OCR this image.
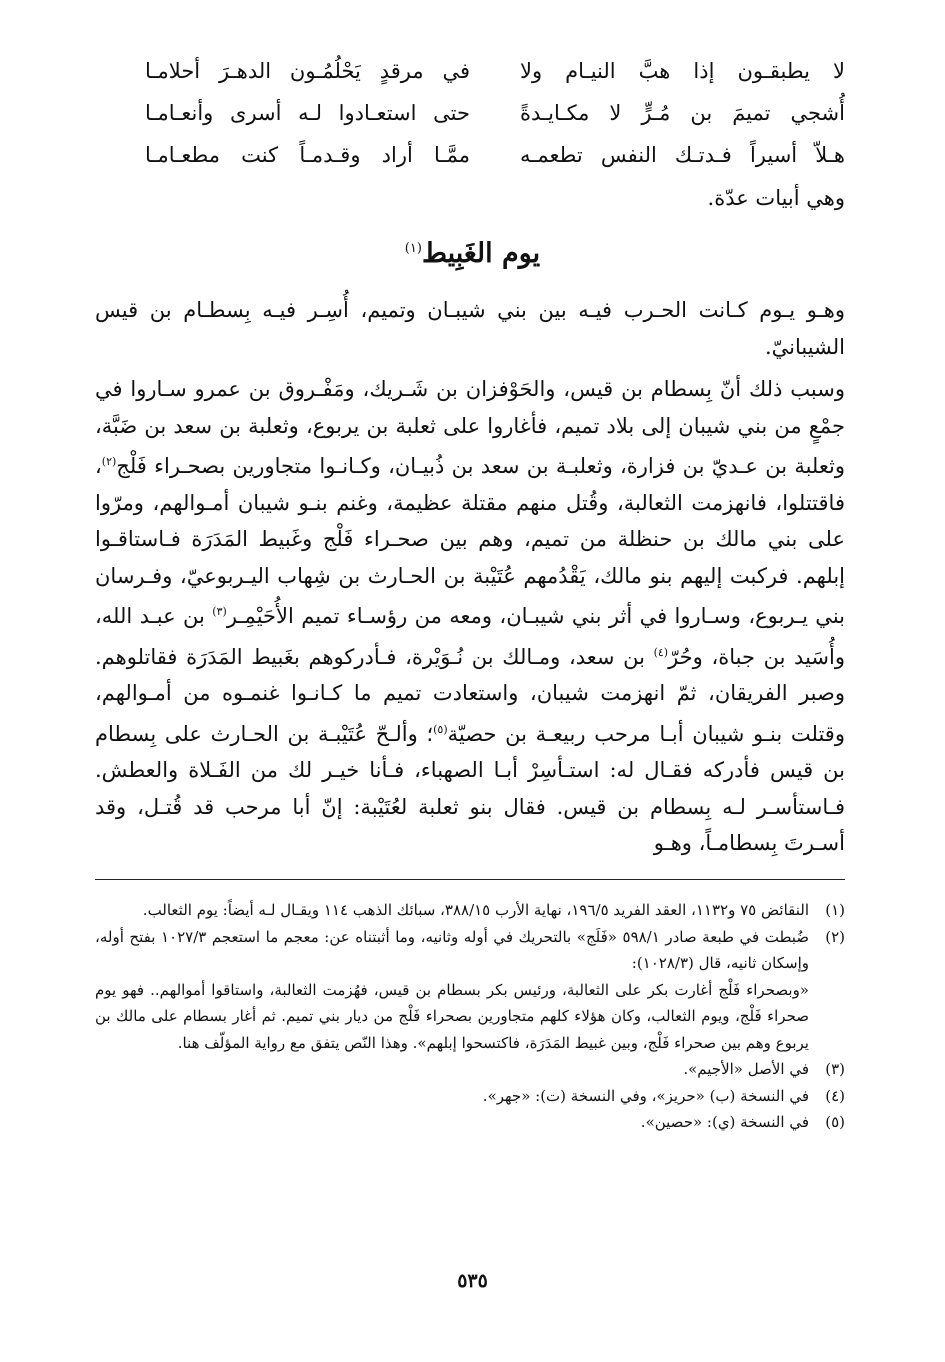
لا يطبقـون إذا هبَّ النيـام ولا
في مرقدٍ يَحْلُمُـون الدهـرَ أحلامـا
أُشجي تميمَ بن مُـرٍّ لا مكـايـدةً
حتى استعـادوا لـه أسرى وأنعـامـا
هـلاّ أسيراً فـدتـك النفس تطعمـه
ممَّـا أراد وقـدمـاً كنت مطعـامـا
وهي أبيات عدّة.
يوم الغَبِيط$^{(١)}$

وهـو يـوم كـانت الحـرب فيـه بين بني شيبـان وتميم، أُسِـر فيـه بِسطـام بن قيس الشيبانيّ.

وسبب ذلك أنّ بِسطام بن قيس، والحَوْفزان بن شَـريك، ومَفْـروق بن عمرو سـاروا في جمْعٍ من بني شيبان إلى بلاد تميم، فأغاروا على ثعلبة بن يربوع، وثعلبة بن سعد بن ضَبَّة، وثعلبة بن عـديّ بن فزارة، وثعلبـة بن سعد بن ذُبيـان، وكـانـوا متجاورين بصحـراء فَلْج$^{(٢)}$، فاقتتلوا، فانهزمت الثعالبة، وقُتل منهم مقتلة عظيمة، وغنم بنـو شيبان أمـوالهم، ومرّوا على بني مالك بن حنظلة من تميم، وهم بين صحـراء فَلْج وغَبيط المَدَرَة فـاستاقـوا إبلهم. فركبت إليهم بنو مالك، يَقْدُمهم عُتَيْبة بن الحـارث بن شِهاب اليـربوعيّ، وفـرسان بني يـربوع، وسـاروا في أثر بني شيبـان، ومعه من رؤسـاء تميم الأُحَيْمِـر$^{(٣)}$ بن عبـد الله، وأُسَيد بن جباة، وحُرّ$^{(٤)}$ بن سعد، ومـالك بن نُـوَيْرة، فـأدركوهم بغَبيط المَدَرَة فقاتلوهم. وصبر الفريقان، ثمّ انهزمت شيبان، واستعادت تميم ما كـانـوا غنمـوه من أمـوالهم، وقتلت بنـو شيبان أبـا مرحب ربيعـة بن حصيّة$^{(٥)}$؛ وألـحّ عُتَيْبـة بن الحـارث على بِسطام بن قيس فأدركه فقـال له: استـأسِرْ أبـا الصهباء، فـأنا خيـر لك من الفَـلاة والعطش. فـاستأسـر لـه بِسطام بن قيس. فقال بنو ثعلبة لعُتَيْبة: إنّ أبا مرحب قد قُتـل، وقد أسـرتَ بِسطامـاً، وهـو

(١)

النقائض ٧٥ و١١٣٢، العقد الفريد ١٩٦/٥، نهاية الأرب ٣٨٨/١٥، سبائك الذهب ١١٤ ويقـال لـه أيضاً: يوم الثعالب.

(٢)

ضُبطت في طبعة صادر ٥٩٨/١ «فَلَج» بالتحريك في أوله وثانيه، وما أثبتناه عن: معجم ما استعجم ١٠٢٧/٣ بفتح أوله، وإسكان ثانيه، قال (١٠٢٨/٣):

«وبصحراء فَلْج أغارت بكر على الثعالبة، ورئيس بكر بسطام بن قيس، فهُزمت الثعالبة، واستاقوا أموالهم.. فهو يوم صحراء فَلْج، ويوم الثعالب، وكان هؤلاء كلهم متجاورين بصحراء فَلْج من ديار بني تميم. ثم أغار بسطام على مالك بن يربوع وهم بين صحراء فَلْج، وبين غبيط المَدَرَة، فاكتسحوا إبلهم». وهذا النّص يتفق مع رواية المؤلّف هنا.

(٣)

في الأصل «الأجيم».

(٤)

في النسخة (ب) «حريز»، وفي النسخة (ت): «جهر».

(٥)

في النسخة (ي): «حصين».

٥٣٥
